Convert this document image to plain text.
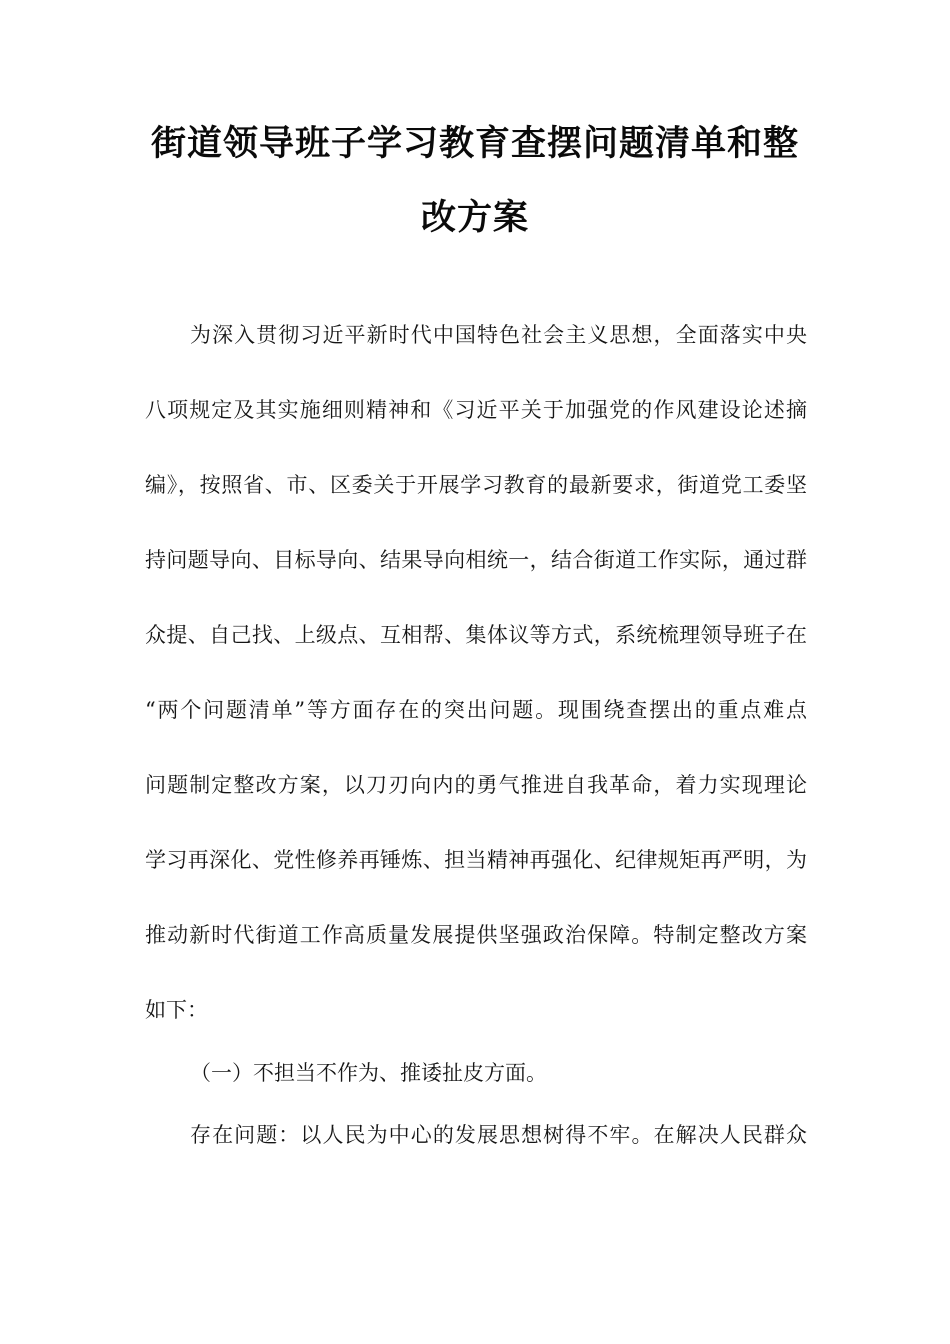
街道领导班子学习教育查摆问题清单和整
改方案
为深入贯彻习近平新时代中国特色社会主义思想，全面落实中央
八项规定及其实施细则精神和《习近平关于加强党的作风建设论述摘
编》，按照省、市、区委关于开展学习教育的最新要求，街道党工委坚
持问题导向、目标导向、结果导向相统一，结合街道工作实际，通过群
众提、自己找、上级点、互相帮、集体议等方式，系统梳理领导班子在
“两个问题清单”等方面存在的突出问题。现围绕查摆出的重点难点
问题制定整改方案，以刀刃向内的勇气推进自我革命，着力实现理论
学习再深化、党性修养再锤炼、担当精神再强化、纪律规矩再严明，为
推动新时代街道工作高质量发展提供坚强政治保障。特制定整改方案
如下：
（一）不担当不作为、推诿扯皮方面。
存在问题：以人民为中心的发展思想树得不牢。在解决人民群众
